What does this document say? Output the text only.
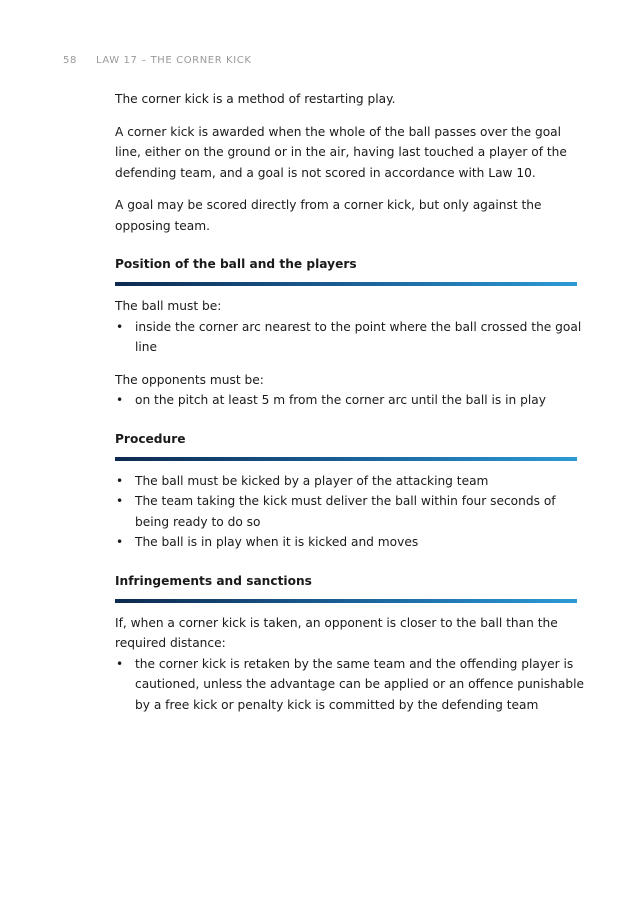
58 LAW 17 – THE CORNER KICK

The corner kick is a method of restarting play.

A corner kick is awarded when the whole of the ball passes over the goal line, either on the ground or in the air, having last touched a player of the defending team, and a goal is not scored in accordance with Law 10.

A goal may be scored directly from a corner kick, but only against the opposing team.

Position of the ball and the players

The ball must be:

• inside the corner arc nearest to the point where the ball crossed the goal line

The opponents must be:

• on the pitch at least 5 m from the corner arc until the ball is in play
Procedure
• The ball must be kicked by a player of the attacking team
• The team taking the kick must deliver the ball within four seconds of being ready to do so
• The ball is in play when it is kicked and moves
Infringements and sanctions

If, when a corner kick is taken, an opponent is closer to the ball than the required distance:

• the corner kick is retaken by the same team and the offending player is cautioned, unless the advantage can be applied or an offence punishable by a free kick or penalty kick is committed by the defending team
